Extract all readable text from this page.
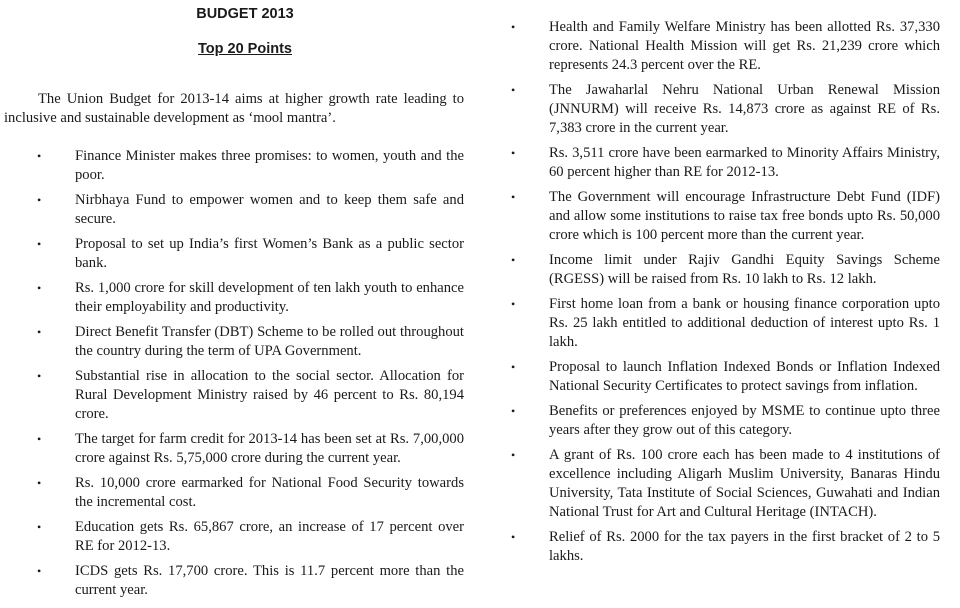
BUDGET 2013
Top 20 Points

The Union Budget for 2013-14 aims at higher growth rate leading to inclusive and sustainable development as ‘mool mantra’.

• Finance Minister makes three promises: to women, youth and the poor.
• Nirbhaya Fund to empower women and to keep them safe and secure.
• Proposal to set up India’s first Women’s Bank as a public sector bank.
• Rs. 1,000 crore for skill development of ten lakh youth to enhance their employability and productivity.
• Direct Benefit Transfer (DBT) Scheme to be rolled out throughout the country during the term of UPA Government.
• Substantial rise in allocation to the social sector. Allocation for Rural Development Ministry raised by 46 percent to Rs. 80,194 crore.
• The target for farm credit for 2013-14 has been set at Rs. 7,00,000 crore against Rs. 5,75,000 crore during the current year.
• Rs. 10,000 crore earmarked for National Food Security towards the incremental cost.
• Education gets Rs. 65,867 crore, an increase of 17 percent over RE for 2012-13.
• ICDS gets Rs. 17,700 crore. This is 11.7 percent more than the current year.
• Health and Family Welfare Ministry has been allotted Rs. 37,330 crore. National Health Mission will get Rs. 21,239 crore which represents 24.3 percent over the RE.
• The Jawaharlal Nehru National Urban Renewal Mission (JNNURM) will receive Rs. 14,873 crore as against RE of Rs. 7,383 crore in the current year.
• Rs. 3,511 crore have been earmarked to Minority Affairs Ministry, 60 percent higher than RE for 2012-13.
• The Government will encourage Infrastructure Debt Fund (IDF) and allow some institutions to raise tax free bonds upto Rs. 50,000 crore which is 100 percent more than the current year.
• Income limit under Rajiv Gandhi Equity Savings Scheme (RGESS) will be raised from Rs. 10 lakh to Rs. 12 lakh.
• First home loan from a bank or housing finance corporation upto Rs. 25 lakh entitled to additional deduction of interest upto Rs. 1 lakh.
• Proposal to launch Inflation Indexed Bonds or Inflation Indexed National Security Certificates to protect savings from inflation.
• Benefits or preferences enjoyed by MSME to continue upto three years after they grow out of this category.
• A grant of Rs. 100 crore each has been made to 4 institutions of excellence including Aligarh Muslim University, Banaras Hindu University, Tata Institute of Social Sciences, Guwahati and Indian National Trust for Art and Cultural Heritage (INTACH).
• Relief of Rs. 2000 for the tax payers in the first bracket of 2 to 5 lakhs.
